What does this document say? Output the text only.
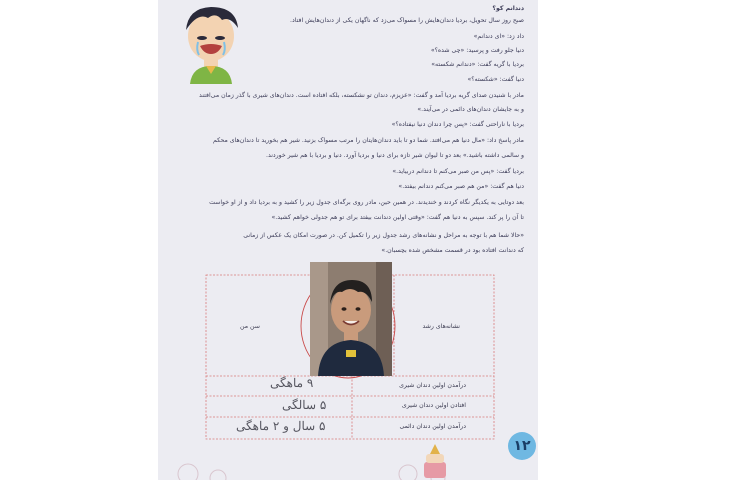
دندانم کو؟
صبح روز سال تحویل، بردیا دندان‌هایش را مسواک می‌زد که ناگهان یکی از دندان‌هایش افتاد.
داد زد: «ای دندانم»
دنیا جلو رفت و پرسید: «چی شده؟»
بردیا با گریه گفت: «دندانم شکسته»
دنیا گفت: «شکسته؟»
مادر با شنیدن صدای گریه بردیا آمد و گفت: «عزیزم، دندان تو نشکسته، بلکه افتاده است. دندان‌های شیری با گذر زمان می‌افتند
و به جایشان دندان‌های دائمی در می‌آیند.»
بردیا با ناراحتی گفت: «پس چرا دندان دنیا نیفتاده؟»
مادر پاسخ داد: «مال دنیا هم می‌افتد. شما دو تا باید دندان‌هایتان را مرتب مسواک بزنید. شیر هم بخورید تا دندان‌های محکم
و سالمی داشته باشید.» بعد دو تا لیوان شیر تازه برای دنیا و بردیا آورد. دنیا و بردیا با هم شیر خوردند.
بردیا گفت: «پس من صبر می‌کنم تا دندانم دربیاید.»
دنیا هم گفت: «من هم صبر می‌کنم دندانم بیفتد.»
بعد دوتایی به یکدیگر نگاه کردند و خندیدند. در همین حین، مادر روی برگه‌ای جدول زیر را کشید و به بردیا داد و از او خواست
تا آن را پر کند. سپس به دنیا هم گفت: «وقتی اولین دندانت بیفتد برای تو هم جدولی خواهم کشید.»
«حالا شما هم با توجه به مراحل و نشانه‌های رشد جدول زیر را تکمیل کن. در صورت امکان یک عکس از زمانی
که دندانت افتاده بود در قسمت مشخص شده بچسبان.»
نشانه‌های رشد
سن من
درآمدن اولین دندان شیری
افتادن اولین دندان شیری
درآمدن اولین دندان دائمی
۹ ماهگی
۵ سالگی
۵ سال و ۲ ماهگی
۱۲
